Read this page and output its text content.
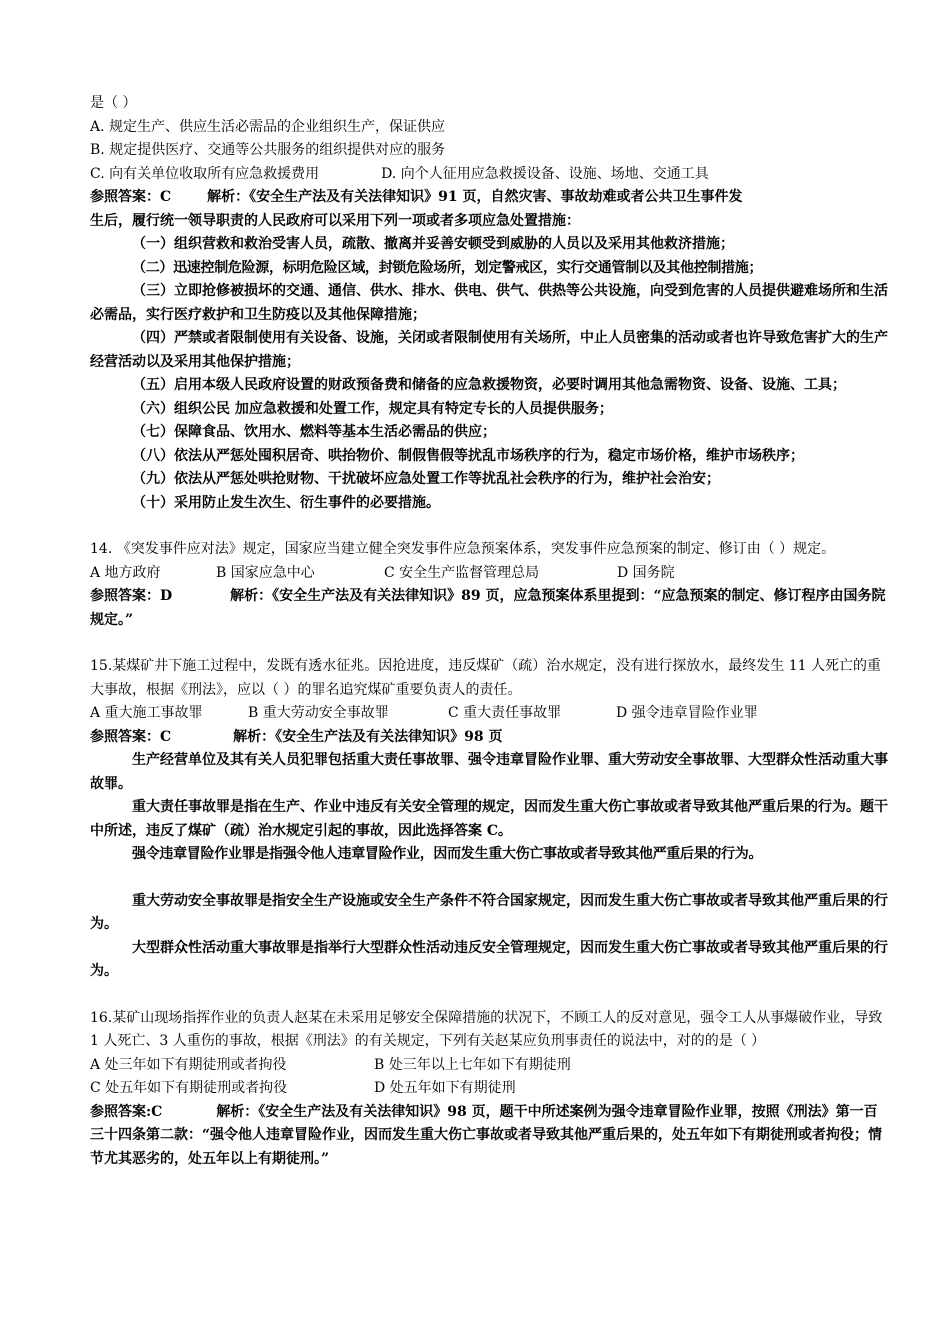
是（ ）
A. 规定生产、供应生活必需品的企业组织生产，保证供应
B. 规定提供医疗、交通等公共服务的组织提供对应的服务
C. 向有关单位收取所有应急救援费用	D. 向个人征用应急救援设备、设施、场地、交通工具
参照答案：C	解析：《安全生产法及有关法律知识》91 页，自然灾害、事故劫难或者公共卫生事件发
生后，履行统一领导职责的人民政府可以采用下列一项或者多项应急处置措施：
（一）组织营救和救治受害人员，疏散、撤离并妥善安顿受到威胁的人员以及采用其他救济措施；
（二）迅速控制危险源，标明危险区域，封锁危险场所，划定警戒区，实行交通管制以及其他控制措施；
（三）立即抢修被损坏的交通、通信、供水、排水、供电、供气、供热等公共设施，向受到危害的人员提供避难场所和生活必需品，实行医疗救护和卫生防疫以及其他保障措施；
（四）严禁或者限制使用有关设备、设施，关闭或者限制使用有关场所，中止人员密集的活动或者也许导致危害扩大的生产经营活动以及采用其他保护措施；
（五）启用本级人民政府设置的财政预备费和储备的应急救援物资，必要时调用其他急需物资、设备、设施、工具；
（六）组织公民 加应急救援和处置工作，规定具有特定专长的人员提供服务；
（七）保障食品、饮用水、燃料等基本生活必需品的供应；
（八）依法从严惩处囤积居奇、哄抬物价、制假售假等扰乱市场秩序的行为，稳定市场价格，维护市场秩序；
（九）依法从严惩处哄抢财物、干扰破坏应急处置工作等扰乱社会秩序的行为，维护社会治安；
（十）采用防止发生次生、衍生事件的必要措施。
14. 《突发事件应对法》规定，国家应当建立健全突发事件应急预案体系，突发事件应急预案的制定、修订由（ ）规定。
A 地方政府	B 国家应急中心	C 安全生产监督管理总局	D 国务院
参照答案：D	解析：《安全生产法及有关法律知识》89 页，应急预案体系里提到：“应急预案的制定、修订程序由国务院规定。”
15.某煤矿井下施工过程中，发既有透水征兆。因抢进度，违反煤矿（疏）治水规定，没有进行探放水，最终发生 11 人死亡的重大事故，根据《刑法》，应以（ ）的罪名追究煤矿重要负责人的责任。
A 重大施工事故罪	B 重大劳动安全事故罪	C 重大责任事故罪	D 强令违章冒险作业罪
参照答案：C	解析：《安全生产法及有关法律知识》98 页
生产经营单位及其有关人员犯罪包括重大责任事故罪、强令违章冒险作业罪、重大劳动安全事故罪、大型群众性活动重大事故罪。
重大责任事故罪是指在生产、作业中违反有关安全管理的规定，因而发生重大伤亡事故或者导致其他严重后果的行为。题干中所述，违反了煤矿（疏）治水规定引起的事故，因此选择答案 C。
强令违章冒险作业罪是指强令他人违章冒险作业，因而发生重大伤亡事故或者导致其他严重后果的行为。
重大劳动安全事故罪是指安全生产设施或安全生产条件不符合国家规定，因而发生重大伤亡事故或者导致其他严重后果的行为。
大型群众性活动重大事故罪是指举行大型群众性活动违反安全管理规定，因而发生重大伤亡事故或者导致其他严重后果的行为。
16.某矿山现场指挥作业的负责人赵某在未采用足够安全保障措施的状况下，不顾工人的反对意见，强令工人从事爆破作业，导致 1 人死亡、3 人重伤的事故，根据《刑法》的有关规定，下列有关赵某应负刑事责任的说法中，对的的是（ ）
A 处三年如下有期徒刑或者拘役	B 处三年以上七年如下有期徒刑
C 处五年如下有期徒刑或者拘役	D 处五年如下有期徒刑
参照答案:C	解析：《安全生产法及有关法律知识》98 页，题干中所述案例为强令违章冒险作业罪，按照《刑法》第一百三十四条第二款：“强令他人违章冒险作业，因而发生重大伤亡事故或者导致其他严重后果的，处五年如下有期徒刑或者拘役；情节尤其恶劣的，处五年以上有期徒刑。”
